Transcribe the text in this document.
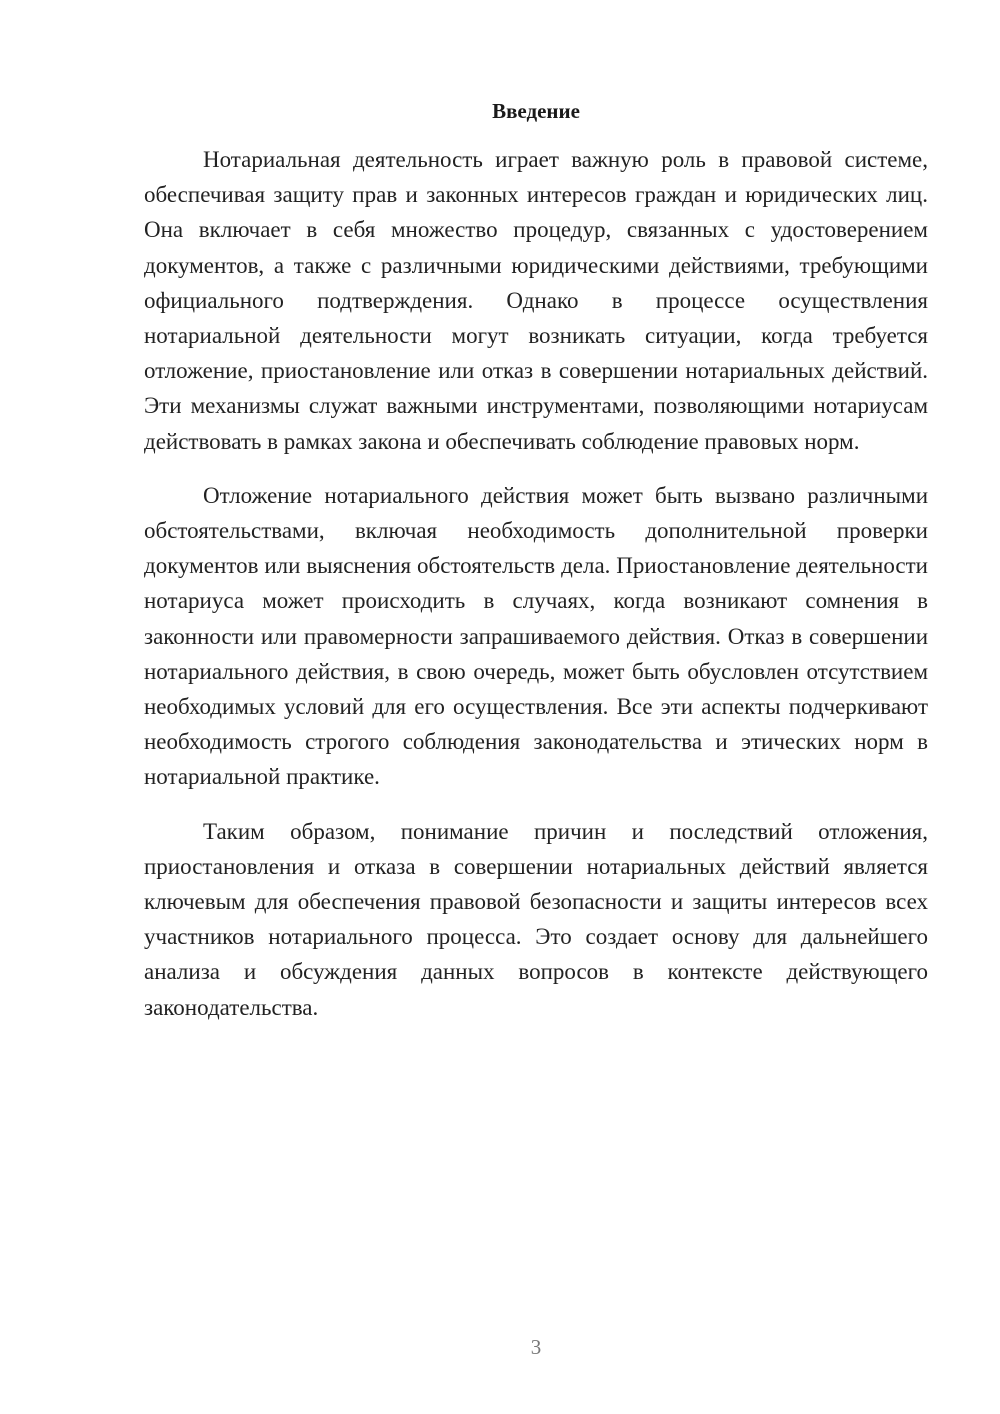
Введение

Нотариальная деятельность играет важную роль в правовой системе, обеспечивая защиту прав и законных интересов граждан и юридических лиц. Она включает в себя множество процедур, связанных с удостоверением документов, а также с различными юридическими действиями, требующими официального подтверждения. Однако в процессе осуществления нотариальной деятельности могут возникать ситуации, когда требуется отложение, приостановление или отказ в совершении нотариальных действий. Эти механизмы служат важными инструментами, позволяющими нотариусам действовать в рамках закона и обеспечивать соблюдение правовых норм.

Отложение нотариального действия может быть вызвано различными обстоятельствами, включая необходимость дополнительной проверки документов или выяснения обстоятельств дела. Приостановление деятельности нотариуса может происходить в случаях, когда возникают сомнения в законности или правомерности запрашиваемого действия. Отказ в совершении нотариального действия, в свою очередь, может быть обусловлен отсутствием необходимых условий для его осуществления. Все эти аспекты подчеркивают необходимость строгого соблюдения законодательства и этических норм в нотариальной практике.

Таким образом, понимание причин и последствий отложения, приостановления и отказа в совершении нотариальных действий является ключевым для обеспечения правовой безопасности и защиты интересов всех участников нотариального процесса. Это создает основу для дальнейшего анализа и обсуждения данных вопросов в контексте действующего законодательства.

3
